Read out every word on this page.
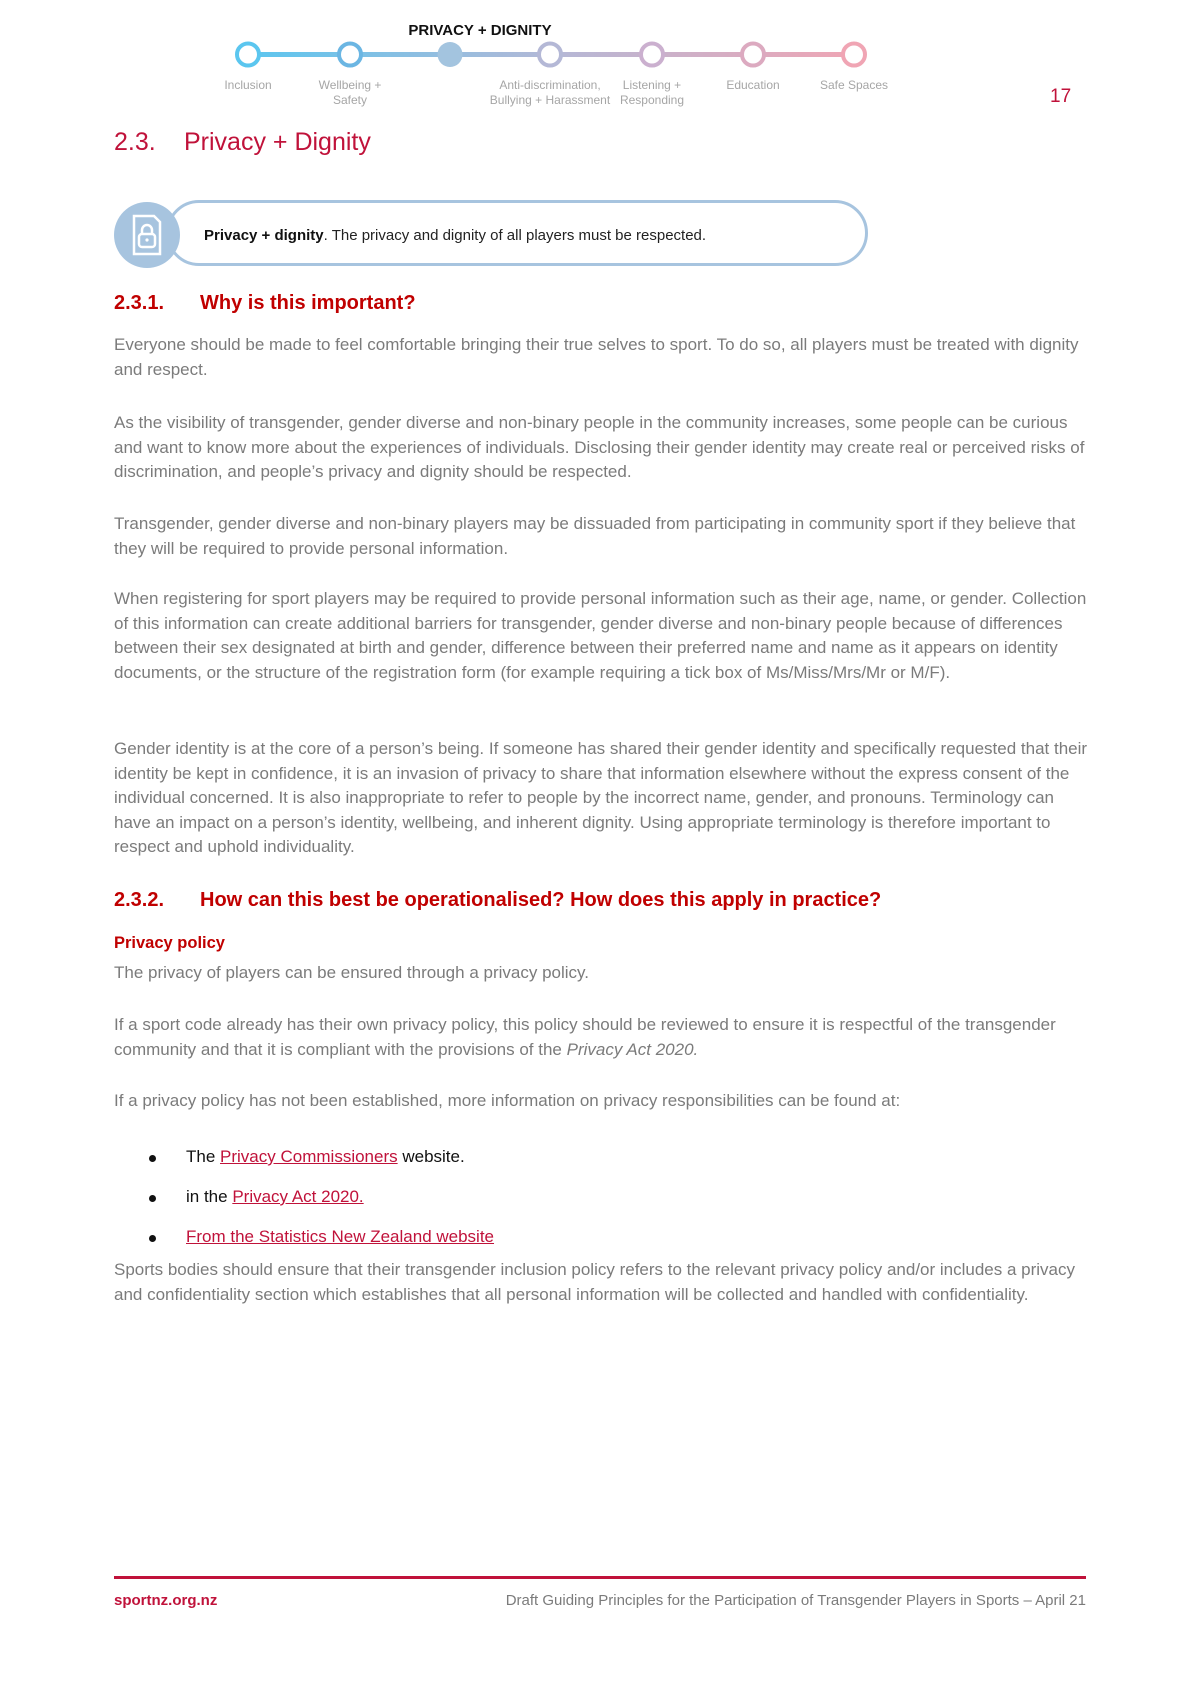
PRIVACY + DIGNITY
Inclusion	Wellbeing +
Safety
Anti-discrimination,
Bullying + Harassment
Listening +
Responding
Education	Safe Spaces
17
2.3. Privacy + Dignity
Privacy + dignity. The privacy and dignity of all players must be respected.
2.3.1. Why is this important?

Everyone should be made to feel comfortable bringing their true selves to sport. To do so, all players must be treated with dignity and respect.

As the visibility of transgender, gender diverse and non-binary people in the community increases, some people can be curious and want to know more about the experiences of individuals. Disclosing their gender identity may create real or perceived risks of discrimination, and people’s privacy and dignity should be respected.

Transgender, gender diverse and non-binary players may be dissuaded from participating in community sport if they believe that they will be required to provide personal information.

When registering for sport players may be required to provide personal information such as their age, name, or gender. Collection of this information can create additional barriers for transgender, gender diverse and non-binary people because of differences between their sex designated at birth and gender, difference between their preferred name and name as it appears on identity documents, or the structure of the registration form (for example requiring a tick box of Ms/Miss/Mrs/Mr or M/F).

Gender identity is at the core of a person’s being. If someone has shared their gender identity and specifically requested that their identity be kept in confidence, it is an invasion of privacy to share that information elsewhere without the express consent of the individual concerned. It is also inappropriate to refer to people by the incorrect name, gender, and pronouns. Terminology can have an impact on a person’s identity, wellbeing, and inherent dignity. Using appropriate terminology is therefore important to respect and uphold individuality.

2.3.2. How can this best be operationalised? How does this apply in practice?
Privacy policy

The privacy of players can be ensured through a privacy policy.

If a sport code already has their own privacy policy, this policy should be reviewed to ensure it is respectful of the transgender community and that it is compliant with the provisions of the Privacy Act 2020.

If a privacy policy has not been established, more information on privacy responsibilities can be found at:

The Privacy Commissioners website.
in the Privacy Act 2020.
From the Statistics New Zealand website

Sports bodies should ensure that their transgender inclusion policy refers to the relevant privacy policy and/or includes a privacy and confidentiality section which establishes that all personal information will be collected and handled with confidentiality.

sportnz.org.nz	Draft Guiding Principles for the Participation of Transgender Players in Sports – April 21
